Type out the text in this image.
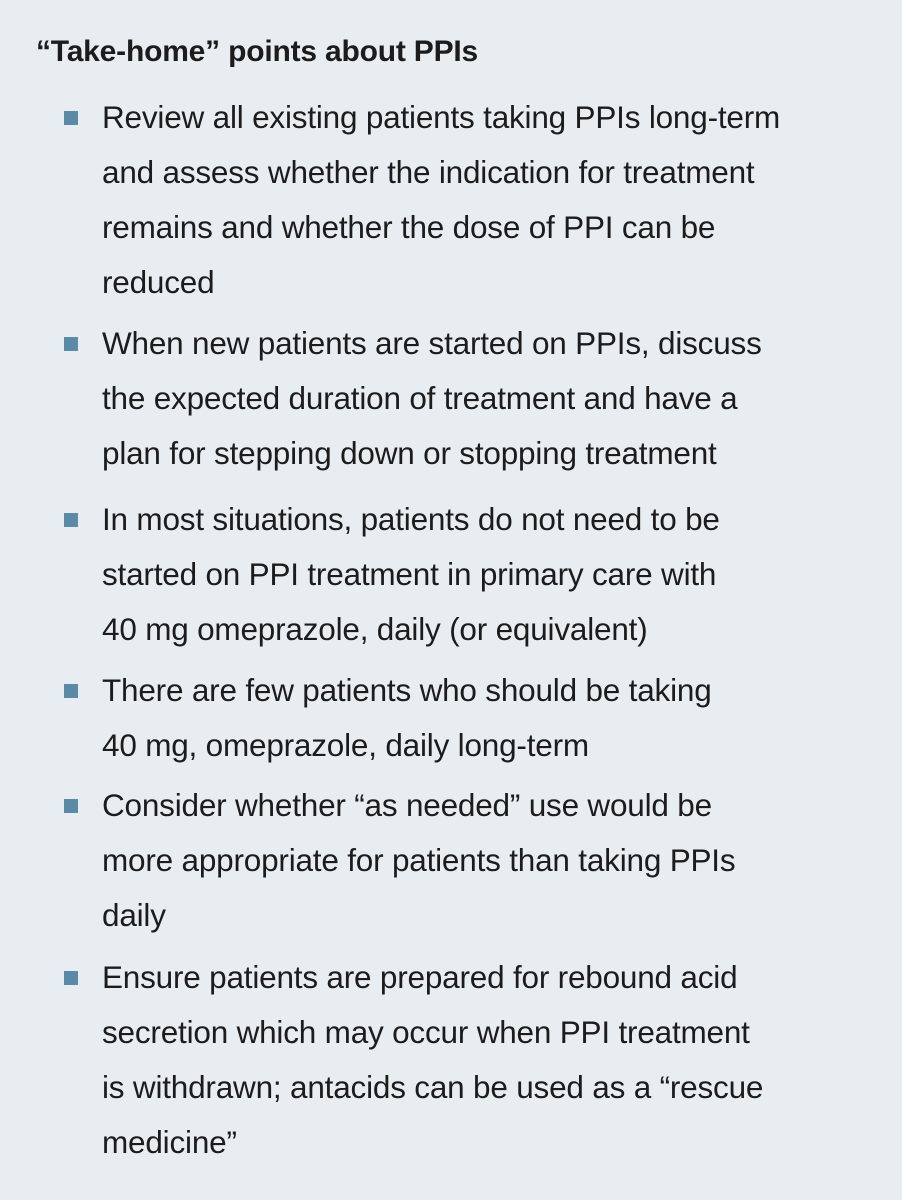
“Take-home” points about PPIs

Review all existing patients taking PPIs long-term
and assess whether the indication for treatment
remains and whether the dose of PPI can be
reduced

When new patients are started on PPIs, discuss
the expected duration of treatment and have a
plan for stepping down or stopping treatment

In most situations, patients do not need to be
started on PPI treatment in primary care with
40 mg omeprazole, daily (or equivalent)

There are few patients who should be taking
40 mg, omeprazole, daily long-term

Consider whether “as needed” use would be
more appropriate for patients than taking PPIs
daily

Ensure patients are prepared for rebound acid
secretion which may occur when PPI treatment
is withdrawn; antacids can be used as a “rescue
medicine”
